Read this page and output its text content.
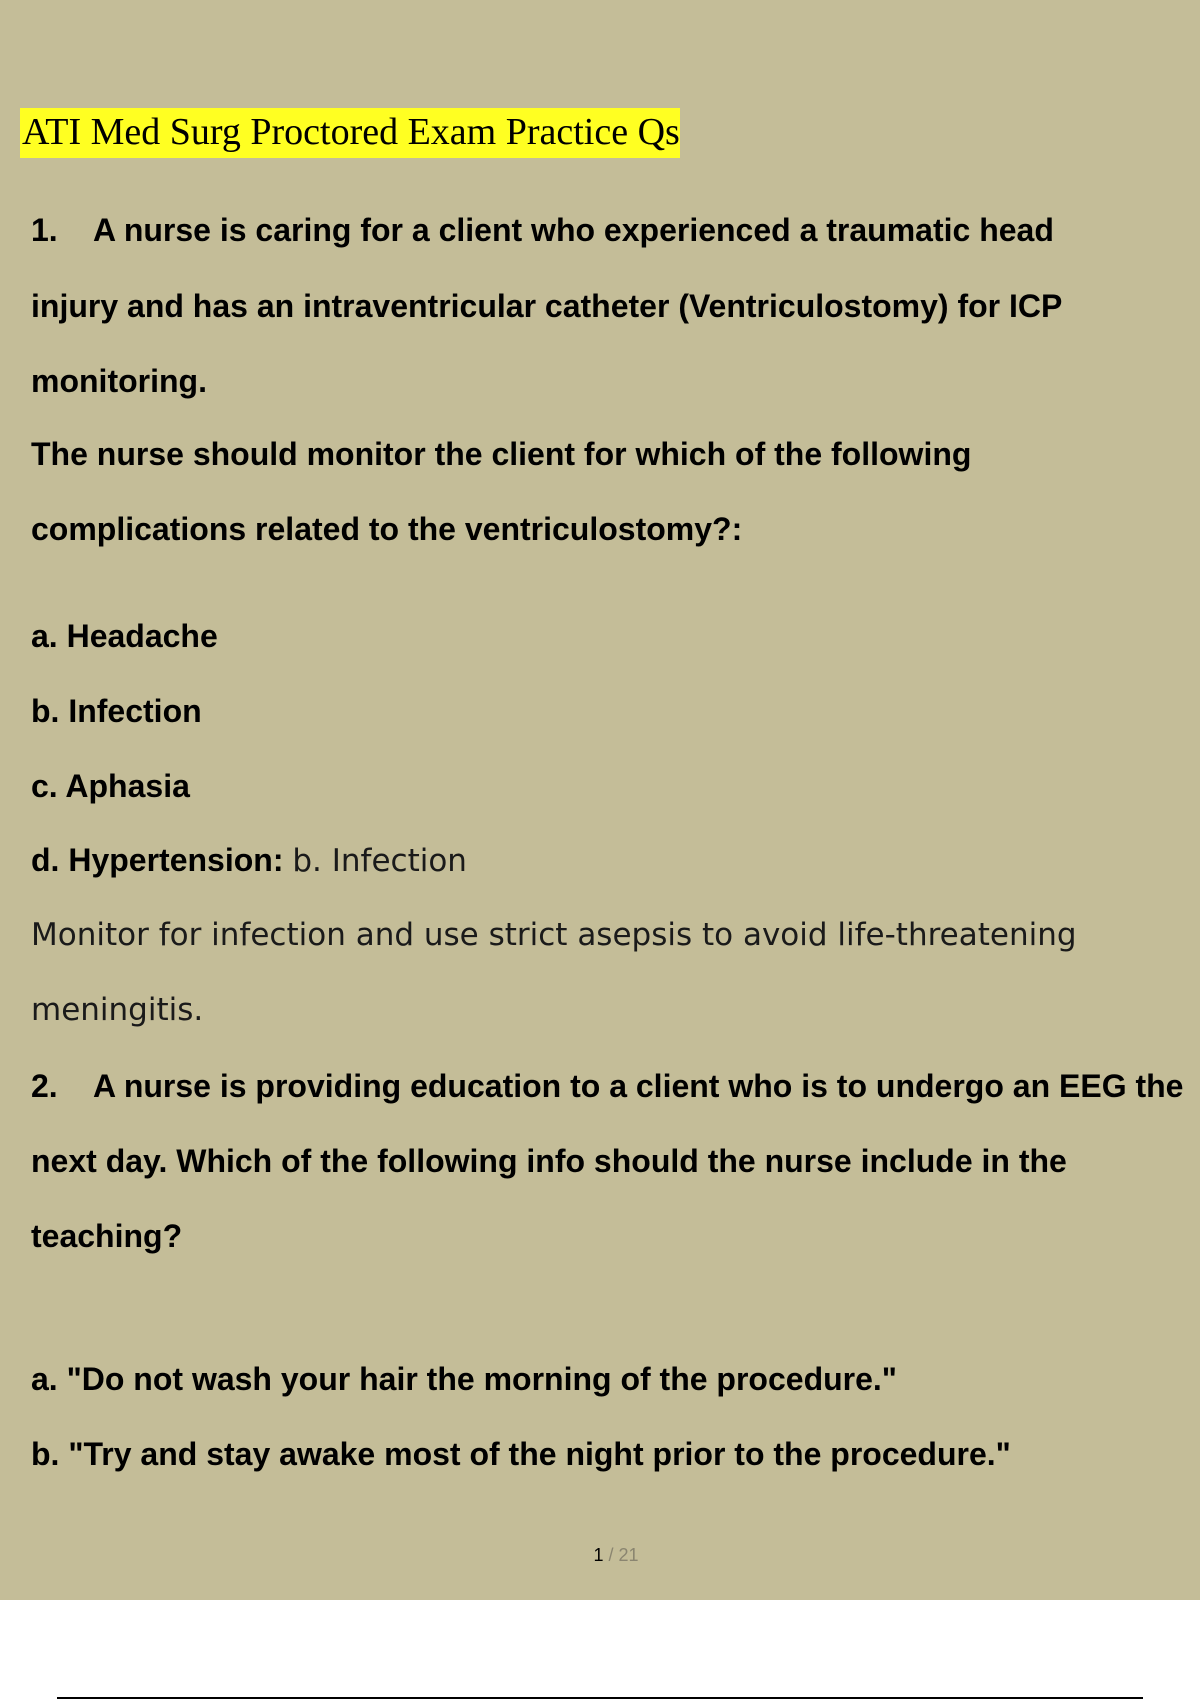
ATI Med Surg Proctored Exam Practice Qs

1. A nurse is caring for a client who experienced a traumatic head

injury and has an intraventricular catheter (Ventriculostomy) for ICP

monitoring.

The nurse should monitor the client for which of the following

complications related to the ventriculostomy?:

a. Headache

b. Infection

c. Aphasia

d. Hypertension: b. Infection

Monitor for infection and use strict asepsis to avoid life-threatening

meningitis.

2. A nurse is providing education to a client who is to undergo an EEG the

next day. Which of the following info should the nurse include in the

teaching?

a. "Do not wash your hair the morning of the procedure."

b. "Try and stay awake most of the night prior to the procedure."

1 / 21
